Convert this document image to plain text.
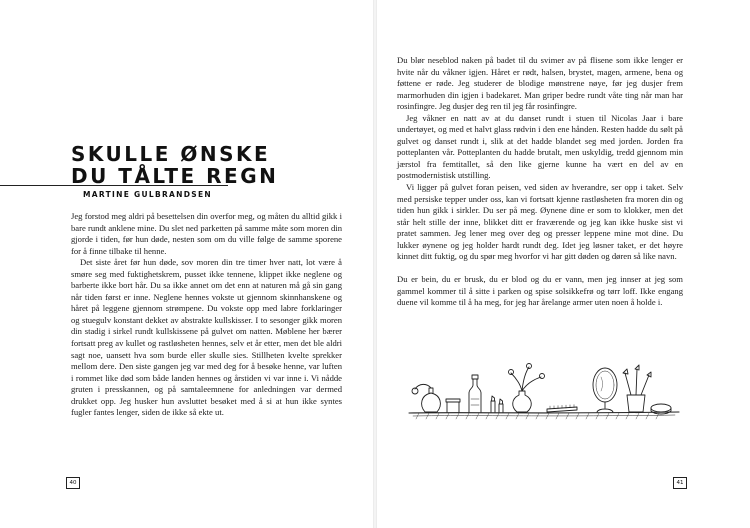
SKULLE ØNSKE
DU TÅLTE REGN
MARTINE GULBRANDSEN

Jeg forstod meg aldri på besettelsen din overfor meg, og måten du alltid gikk i bare rundt anklene mine. Du slet ned parketten på samme måte som moren din gjorde i tiden, før hun døde, nesten som om du ville følge de samme sporene for å finne tilbake til henne.

Det siste året før hun døde, sov moren din tre timer hver natt, lot være å smøre seg med fuktighetskrem, pusset ikke tennene, klippet ikke neglene og barberte ikke bort hår. Du sa ikke annet om det enn at naturen må gå sin gang når tiden først er inne. Neglene hennes vokste ut gjennom skinnhanskene og håret på leggene gjennom strømpene. Du vokste opp med labre forklaringer og stuegulv konstant dekket av abstrakte kullskisser. I to sesonger gikk moren din stadig i sirkel rundt kullskissene på gulvet om natten. Møblene her bærer fortsatt preg av kullet og rastløsheten hennes, selv et år etter, men det ble aldri sagt noe, uansett hva som burde eller skulle sies. Stillheten kvelte sprekker mellom dere. Den siste gangen jeg var med deg for å besøke henne, var luften i rommet like død som både landen hennes og årstiden vi var inne i. Vi nådde gruten i presskannen, og på samtaleemnene for anledningen var dermed drukket opp. Jeg husker hun avsluttet besøket med å si at hun ikke syntes fugler fantes lenger, siden de ikke så ekte ut.

40

Du blør neseblod naken på badet til du svimer av på flisene som ikke lenger er hvite når du våkner igjen. Håret er rødt, halsen, brystet, magen, armene, bena og føttene er røde. Jeg studerer de blodige mønstrene nøye, før jeg dusjer frem marmorhuden din igjen i badekaret. Man griper bedre rundt våte ting når man har rosinfingre. Jeg dusjer deg ren til jeg får rosinfingre.

Jeg våkner en natt av at du danset rundt i stuen til Nicolas Jaar i bare undertøyet, og med et halvt glass rødvin i den ene hånden. Resten hadde du sølt på gulvet og danset rundt i, slik at det hadde blandet seg med jorden. Jorden fra potteplanten vår. Potteplanten du hadde brutalt, men uskyldig, tredd gjennom min jærstol fra femtitallet, så den like gjerne kunne ha vært en del av en postmodernistisk utstilling.

Vi ligger på gulvet foran peisen, ved siden av hverandre, ser opp i taket. Selv med persiske tepper under oss, kan vi fortsatt kjenne rastløsheten fra moren din og tiden hun gikk i sirkler. Du ser på meg. Øynene dine er som to klokker, men det står helt stille der inne, blikket ditt er fraværende og jeg kan ikke huske sist vi pratet sammen. Jeg lener meg over deg og presser leppene mine mot dine. Du lukker øynene og jeg holder hardt rundt deg. Idet jeg løsner taket, er det høyre kinnet ditt fuktig, og du spør meg hvorfor vi har gitt døden og døren så like navn.

Du er bein, du er brusk, du er blod og du er vann, men jeg innser at jeg som gammel kommer til å sitte i parken og spise solsikkefrø og tørr loff. Ikke engang duene vil komme til å ha meg, for jeg har årelange armer uten noen å holde i.

41
